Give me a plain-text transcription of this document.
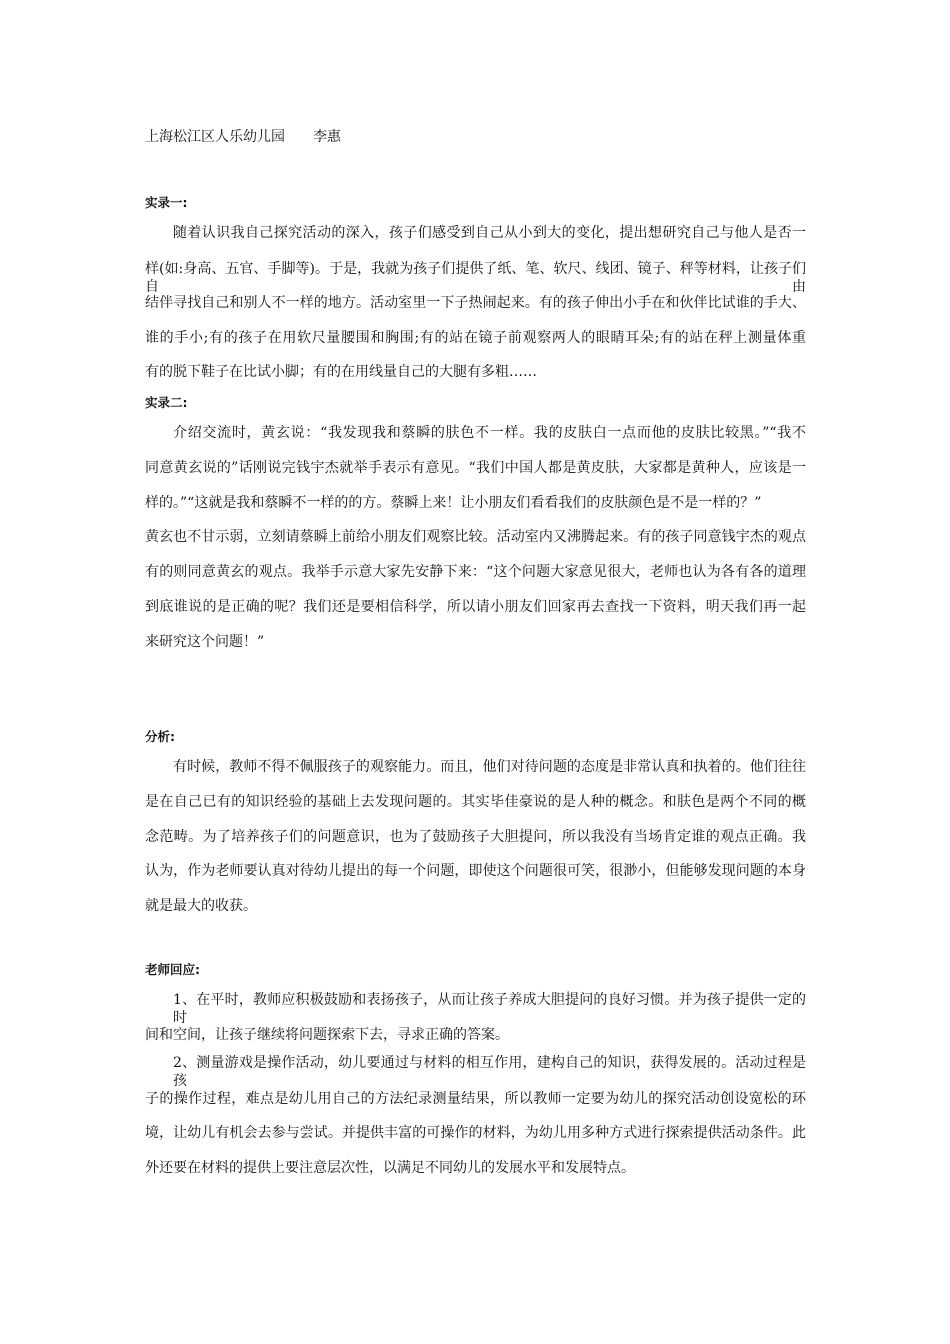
上海松江区人乐幼儿园　　李惠
实录一:
随着认识我自己探究活动的深入，孩子们感受到自己从小到大的变化，提出想研究自己与他人是否一
样(如:身高、五官、手脚等)。于是，我就为孩子们提供了纸、笔、软尺、线团、镜子、秤等材料，让孩子们自由
结伴寻找自己和别人不一样的地方。活动室里一下子热闹起来。有的孩子伸出小手在和伙伴比试谁的手大、
谁的手小;有的孩子在用软尺量腰围和胸围;有的站在镜子前观察两人的眼睛耳朵;有的站在秤上测量体重
有的脱下鞋子在比试小脚；有的在用线量自己的大腿有多粗……
实录二:
介绍交流时，黄玄说：“我发现我和蔡瞬的肤色不一样。我的皮肤白一点而他的皮肤比较黑。”“我不
同意黄玄说的”话刚说完钱宇杰就举手表示有意见。“我们中国人都是黄皮肤，大家都是黄种人，应该是一
样的。”“这就是我和蔡瞬不一样的的方。蔡瞬上来！让小朋友们看看我们的皮肤颜色是不是一样的？”
黄玄也不甘示弱，立刻请蔡瞬上前给小朋友们观察比较。活动室内又沸腾起来。有的孩子同意钱宇杰的观点
有的则同意黄玄的观点。我举手示意大家先安静下来：“这个问题大家意见很大，老师也认为各有各的道理
到底谁说的是正确的呢？我们还是要相信科学，所以请小朋友们回家再去查找一下资料，明天我们再一起
来研究这个问题！”
分析:
有时候，教师不得不佩服孩子的观察能力。而且，他们对待问题的态度是非常认真和执着的。他们往往
是在自己已有的知识经验的基础上去发现问题的。其实毕佳豪说的是人种的概念。和肤色是两个不同的概
念范畴。为了培养孩子们的问题意识，也为了鼓励孩子大胆提问，所以我没有当场肯定谁的观点正确。我
认为，作为老师要认真对待幼儿提出的每一个问题，即使这个问题很可笑，很渺小，但能够发现问题的本身
就是最大的收获。
老师回应:
1、在平时，教师应积极鼓励和表扬孩子，从而让孩子养成大胆提问的良好习惯。并为孩子提供一定的时
间和空间，让孩子继续将问题探索下去，寻求正确的答案。
2、测量游戏是操作活动，幼儿要通过与材料的相互作用，建构自己的知识，获得发展的。活动过程是孩
子的操作过程，难点是幼儿用自己的方法纪录测量结果，所以教师一定要为幼儿的探究活动创设宽松的环
境，让幼儿有机会去参与尝试。并提供丰富的可操作的材料，为幼儿用多种方式进行探索提供活动条件。此
外还要在材料的提供上要注意层次性，以满足不同幼儿的发展水平和发展特点。
